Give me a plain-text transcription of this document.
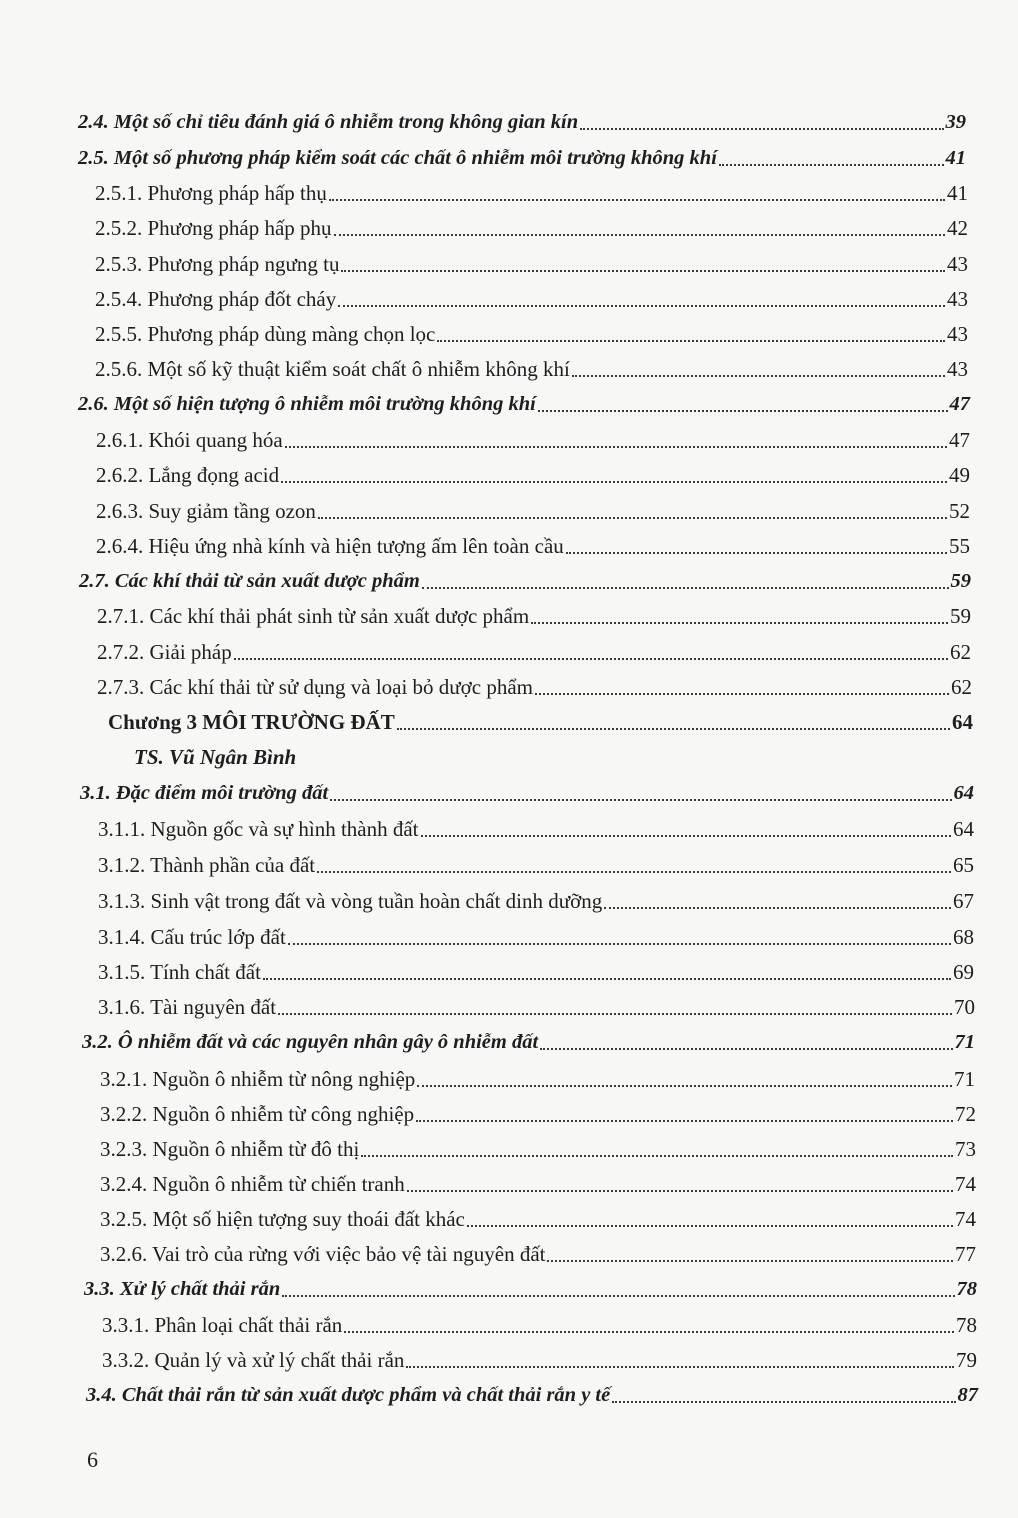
2.4. Một số chỉ tiêu đánh giá ô nhiễm trong không gian kín	39
2.5. Một số phương pháp kiểm soát các chất ô nhiễm môi trường không khí	41
2.5.1. Phương pháp hấp thụ	41
2.5.2. Phương pháp hấp phụ	42
2.5.3. Phương pháp ngưng tụ	43
2.5.4. Phương pháp đốt cháy	43
2.5.5. Phương pháp dùng màng chọn lọc	43
2.5.6. Một số kỹ thuật kiểm soát chất ô nhiễm không khí	43
2.6. Một số hiện tượng ô nhiễm môi trường không khí	47
2.6.1. Khói quang hóa	47
2.6.2. Lắng đọng acid	49
2.6.3. Suy giảm tầng ozon	52
2.6.4. Hiệu ứng nhà kính và hiện tượng ấm lên toàn cầu	55
2.7. Các khí thải từ sản xuất dược phẩm	59
2.7.1. Các khí thải phát sinh từ sản xuất dược phẩm	59
2.7.2. Giải pháp	62
2.7.3. Các khí thải từ sử dụng và loại bỏ dược phẩm	62
Chương 3 MÔI TRƯỜNG ĐẤT	64
TS. Vũ Ngân Bình
3.1. Đặc điểm môi trường đất	64
3.1.1. Nguồn gốc và sự hình thành đất	64
3.1.2. Thành phần của đất	65
3.1.3. Sinh vật trong đất và vòng tuần hoàn chất dinh dưỡng	67
3.1.4. Cấu trúc lớp đất	68
3.1.5. Tính chất đất	69
3.1.6. Tài nguyên đất	70
3.2. Ô nhiễm đất và các nguyên nhân gây ô nhiễm đất	71
3.2.1. Nguồn ô nhiễm từ nông nghiệp	71
3.2.2. Nguồn ô nhiễm từ công nghiệp	72
3.2.3. Nguồn ô nhiễm từ đô thị	73
3.2.4. Nguồn ô nhiễm từ chiến tranh	74
3.2.5. Một số hiện tượng suy thoái đất khác	74
3.2.6. Vai trò của rừng với việc bảo vệ tài nguyên đất	77
3.3. Xử lý chất thải rắn	78
3.3.1. Phân loại chất thải rắn	78
3.3.2. Quản lý và xử lý chất thải rắn	79
3.4. Chất thải rắn từ sản xuất dược phẩm và chất thải rắn y tế	87
6
